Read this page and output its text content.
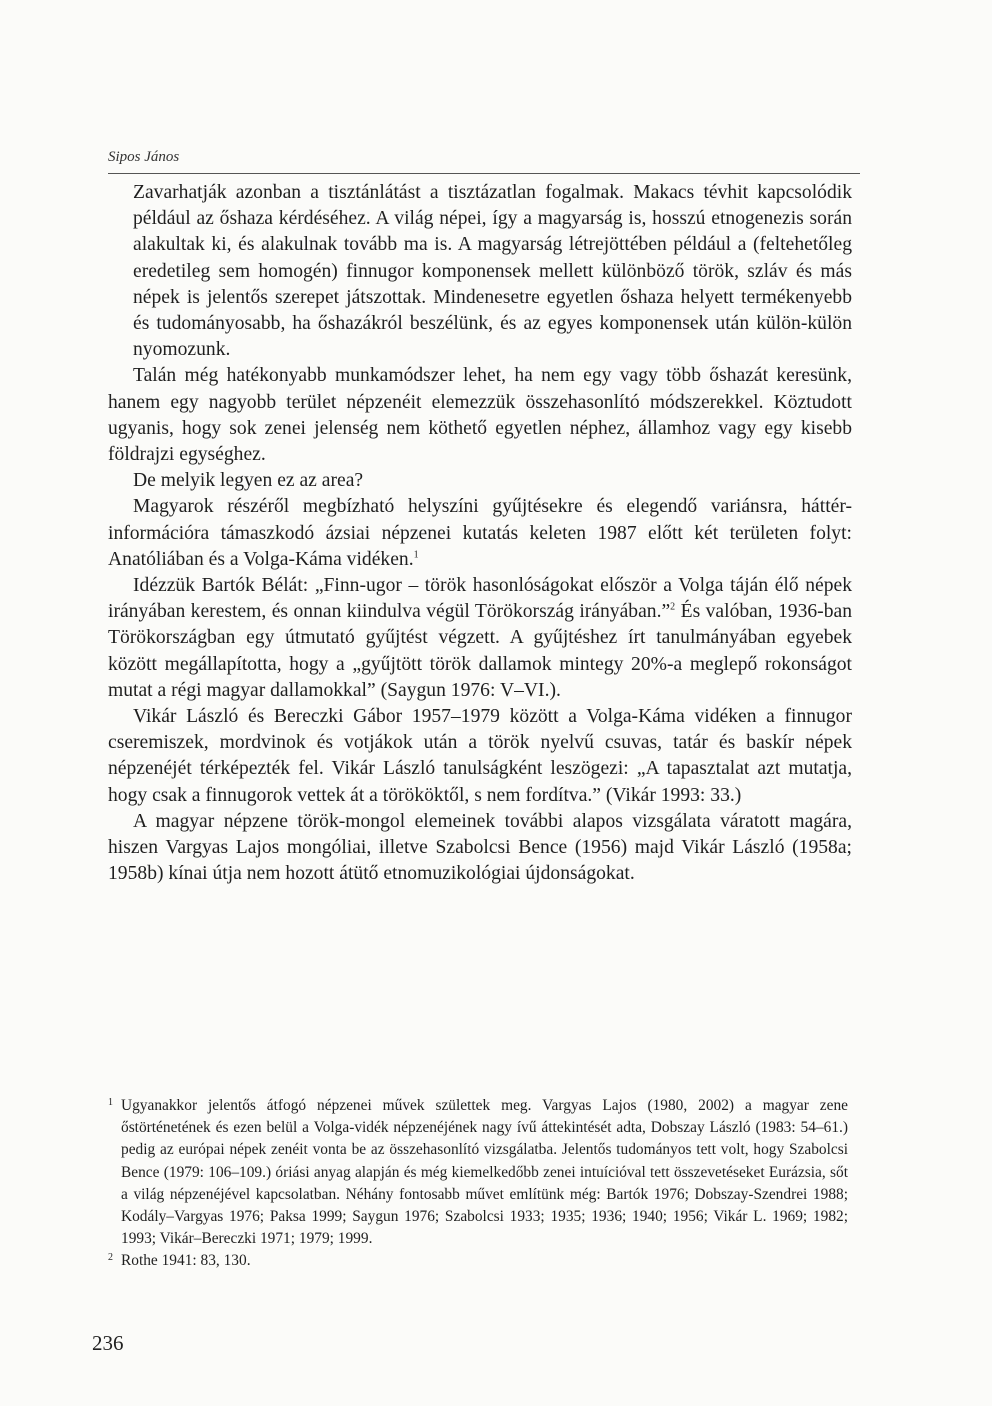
Sipos János

Zavarhatják azonban a tisztánlátást a tisztázatlan fogalmak. Makacs tévhit kapcsolódik például az őshaza kérdéséhez. A világ népei, így a magyarság is, hosszú etnogenezis során alakultak ki, és alakulnak tovább ma is. A magyarság létrejöttében például a (feltehetőleg eredetileg sem homogén) finnugor komponensek mellett különböző török, szláv és más népek is jelentős szerepet játszottak. Mindenesetre egyetlen őshaza helyett termékenyebb és tudományosabb, ha őshazákról beszélünk, és az egyes komponensek után külön-külön nyomozunk.

Talán még hatékonyabb munkamódszer lehet, ha nem egy vagy több őshazát keresünk, hanem egy nagyobb terület népzenéit elemezzük összehasonlító módszerekkel. Köztudott ugyanis, hogy sok zenei jelenség nem köthető egyetlen néphez, államhoz vagy egy kisebb földrajzi egységhez.

De melyik legyen ez az area?

Magyarok részéről megbízható helyszíni gyűjtésekre és elegendő variánsra, háttér-információra támaszkodó ázsiai népzenei kutatás keleten 1987 előtt két területen folyt: Anatóliában és a Volga-Káma vidéken.$^1$

Idézzük Bartók Bélát: „Finn-ugor – török hasonlóságokat először a Volga táján élő népek irányában kerestem, és onnan kiindulva végül Törökország irányában.”$^2$ És valóban, 1936-ban Törökországban egy útmutató gyűjtést végzett. A gyűjtéshez írt tanulmányában egyebek között megállapította, hogy a „gyűjtött török dallamok mintegy 20%-a meglepő rokonságot mutat a régi magyar dallamokkal” (Saygun 1976: V–VI.).

Vikár László és Bereczki Gábor 1957–1979 között a Volga-Káma vidéken a finnugor cseremiszek, mordvinok és votjákok után a török nyelvű csuvas, tatár és baskír népek népzenéjét térképezték fel. Vikár László tanulságként leszögezi: „A tapasztalat azt mutatja, hogy csak a finnugorok vettek át a törököktől, s nem fordítva.” (Vikár 1993: 33.)

A magyar népzene török-mongol elemeinek további alapos vizsgálata váratott magára, hiszen Vargyas Lajos mongóliai, illetve Szabolcsi Bence (1956) majd Vikár László (1958a; 1958b) kínai útja nem hozott átütő etnomuzikológiai újdonságokat.

1 Ugyanakkor jelentős átfogó népzenei művek születtek meg. Vargyas Lajos (1980, 2002) a magyar zene őstörténetének és ezen belül a Volga-vidék népzenéjének nagy ívű áttekintését adta, Dobszay László (1983: 54–61.) pedig az európai népek zenéit vonta be az összehasonlító vizsgálatba. Jelentős tudományos tett volt, hogy Szabolcsi Bence (1979: 106–109.) óriási anyag alapján és még kiemelkedőbb zenei intuícióval tett összevetéseket Eurázsia, sőt a világ népzenéjével kapcsolatban. Néhány fontosabb művet említünk még: Bartók 1976; Dobszay-Szendrei 1988; Kodály–Vargyas 1976; Paksa 1999; Saygun 1976; Szabolcsi 1933; 1935; 1936; 1940; 1956; Vikár L. 1969; 1982; 1993; Vikár–Bereczki 1971; 1979; 1999.

2 Rothe 1941: 83, 130.

236
